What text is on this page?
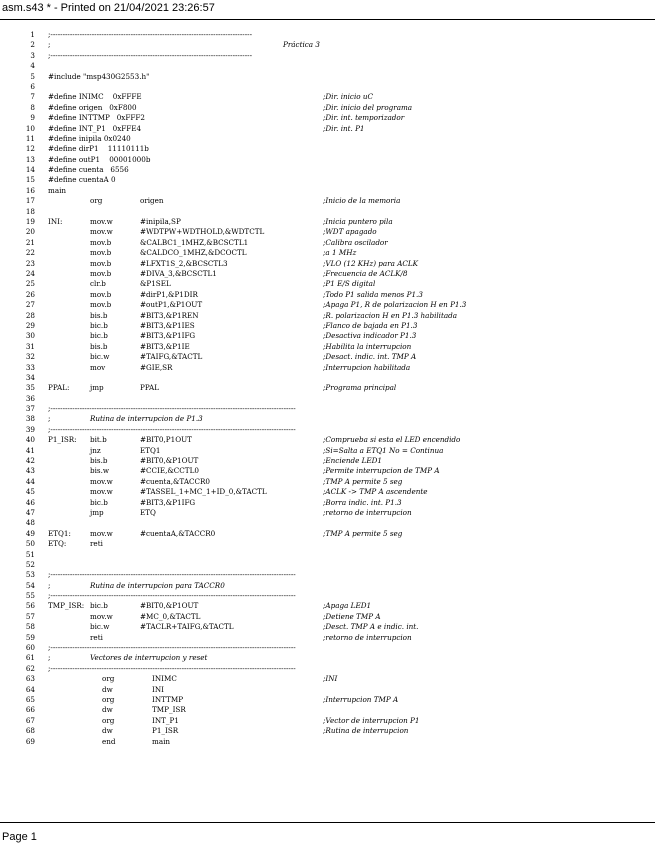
asm.s43 * - Printed on 21/04/2021 23:26:57
1 ;-----------------------------------------------------------------------------------
2 ;	Práctica 3
3 ;-----------------------------------------------------------------------------------
4
5 #include "msp430G2553.h"
6
7 #define INIMC    0xFFFE	;Dir. inicio uC
8 #define origen   0xF800	;Dir. inicio del programa
9 #define INTTMP   0xFFF2	;Dir. int. temporizador
10 #define INT_P1   0xFFE4	;Dir. int. P1
11 #define inipila 0x0240
12 #define dirP1    11110111b
13 #define outP1    00001000b
14 #define cuenta   6556
15 #define cuentaA 0
16 main
17	org	origen	;Inicio de la memoria
18
19 INI:	mov.w	#inipila,SP	;Inicia puntero pila
20	mov.w	#WDTPW+WDTHOLD,&WDTCTL	;WDT apagado
21	mov.b	&CALBC1_1MHZ,&BCSCTL1	;Calibra oscilador
22	mov.b	&CALDCO_1MHZ,&DCOCTL	;a 1 MHz
23	mov.b	#LFXT1S_2,&BCSCTL3	;VLO (12 KHz) para ACLK
24	mov.b	#DIVA_3,&BCSCTL1	;Frecuencia de ACLK/8
25	clr.b	&P1SEL	;P1 E/S digital
26	mov.b	#dirP1,&P1DIR	;Todo P1 salida menos P1.3
27	mov.b	#outP1,&P1OUT	;Apaga P1, R de polarizacion H en P1.3
28	bis.b	#BIT3,&P1REN	;R. polarizacion H en P1.3 habilitada
29	bic.b	#BIT3,&P1IES	;Flanco de bajada en P1.3
30	bic.b	#BIT3,&P1IFG	;Desactiva indicador P1.3
31	bis.b	#BIT3,&P1IE	;Habilita la interrupcion
32	bic.w	#TAIFG,&TACTL	;Desact. indic. int. TMP A
33	mov	#GIE,SR	;Interrupcion habilitada
34
35 PPAL:	jmp	PPAL	;Programa principal
36
37 ;-----------------------------------------------------------------------------------------------------
38 ;	Rutina de interrupcion de P1.3
39 ;-----------------------------------------------------------------------------------------------------
40 P1_ISR: bit.b	#BIT0,P1OUT	;Comprueba si esta el LED encendido
41	jnz	ETQ1	;Si=Salta a ETQ1 No = Continua
42	bis.b	#BIT0,&P1OUT	;Enciende LED1
43	bis.w	#CCIE,&CCTL0	;Permite interrupcion de TMP A
44	mov.w	#cuenta,&TACCR0	;TMP A permite 5 seg
45	mov.w	#TASSEL_1+MC_1+ID_0,&TACTL	;ACLK -> TMP A ascendente
46	bic.b	#BIT3,&P1IFG	;Borra indic. int. P1.3
47	jmp	ETQ	;retorno de interrupcion
48
49 ETQ1:	mov.w	#cuentaA,&TACCR0	;TMP A permite 5 seg
50 ETQ:	reti
51
52
53 ;-----------------------------------------------------------------------------------------------------
54 ;	Rutina de interrupcion para TACCR0
55 ;-----------------------------------------------------------------------------------------------------
56 TMP_ISR: bic.b	#BIT0,&P1OUT	;Apaga LED1
57	mov.w	#MC_0,&TACTL	;Detiene TMP A
58	bic.w	#TACLR+TAIFG,&TACTL	;Desct. TMP A e indic. int.
59	reti	;retorno de interrupcion
60 ;-----------------------------------------------------------------------------------------------------
61 ;	Vectores de interrupcion y reset
62 ;-----------------------------------------------------------------------------------------------------
63	org	INIMC	;INI
64	dw	INI
65	org	INTTMP	;Interrupcion TMP A
66	dw	TMP_ISR
67	org	INT_P1	;Vector de interrupcion P1
68	dw	P1_ISR	;Rutina de interrupcion
69	end	main
Page 1
